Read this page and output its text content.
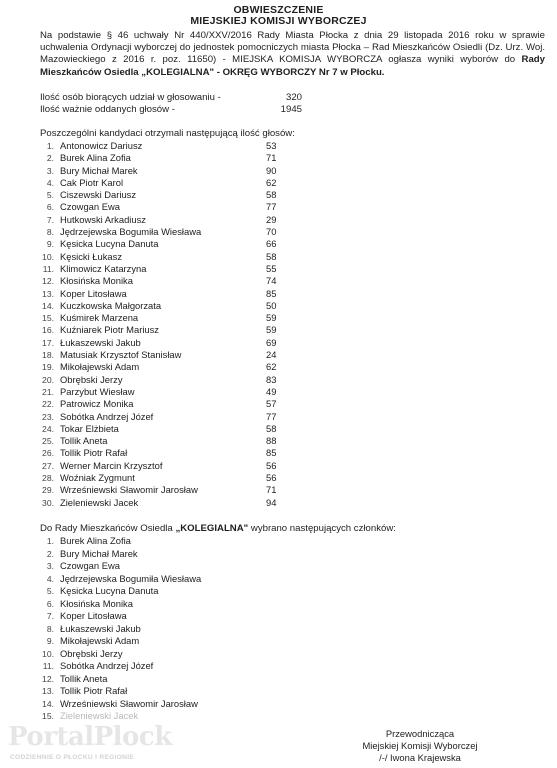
OBWIESZCZENIE
MIEJSKIEJ KOMISJI WYBORCZEJ
Na podstawie § 46 uchwały Nr 440/XXV/2016 Rady Miasta Płocka z dnia 29 listopada 2016 roku w sprawie uchwalenia Ordynacji wyborczej do jednostek pomocniczych miasta Płocka – Rad Mieszkańców Osiedli (Dz. Urz. Woj. Mazowieckiego z 2016 r. poz. 11650) - MIEJSKA KOMISJA WYBORCZA ogłasza wyniki wyborów do Rady Mieszkańców Osiedla „KOLEGIALNA" - OKRĘG WYBORCZY Nr 7 w Płocku.
Ilość osób biorących udział w głosowaniu -	320
Ilość ważnie oddanych głosów -	1945
Poszczególni kandydaci otrzymali następującą ilość głosów:
1. Antonowicz Dariusz	53
2. Burek Alina Zofia	71
3. Bury Michał Marek	90
4. Cak Piotr Karol	62
5. Ciszewski Dariusz	58
6. Czowgan Ewa	77
7. Hutkowski Arkadiusz	29
8. Jędrzejewska Bogumiła Wiesława	70
9. Kęsicka Lucyna Danuta	66
10. Kęsicki Łukasz	58
11. Klimowicz Katarzyna	55
12. Kłosińska Monika	74
13. Koper Litosława	85
14. Kuczkowska Małgorzata	50
15. Kuśmirek Marzena	59
16. Kuźniarek Piotr Mariusz	59
17. Łukaszewski Jakub	69
18. Matusiak Krzysztof Stanisław	24
19. Mikołajewski Adam	62
20. Obrębski Jerzy	83
21. Parzybut Wiesław	49
22. Patrowicz Monika	57
23. Sobótka Andrzej Józef	77
24. Tokar Elżbieta	58
25. Tollik Aneta	88
26. Tollik Piotr Rafał	85
27. Werner Marcin Krzysztof	56
28. Woźniak Zygmunt	56
29. Wrześniewski Sławomir Jarosław	71
30. Zieleniewski Jacek	94
Do Rady Mieszkańców Osiedla „KOLEGIALNA" wybrano następujących członków:
1. Burek Alina Zofia
2. Bury Michał Marek
3. Czowgan Ewa
4. Jędrzejewska Bogumiła Wiesława
5. Kęsicka Lucyna Danuta
6. Kłosińska Monika
7. Koper Litosława
8. Łukaszewski Jakub
9. Mikołajewski Adam
10. Obrębski Jerzy
11. Sobótka Andrzej Józef
12. Tollik Aneta
13. Tollik Piotr Rafał
14. Wrześniewski Sławomir Jarosław
15. Zieleniewski Jacek
PortalPlock
CODZIENNIE O PŁOCKU I REGIONIE
Przewodnicząca
Miejskiej Komisji Wyborczej
/-/ Iwona Krajewska
